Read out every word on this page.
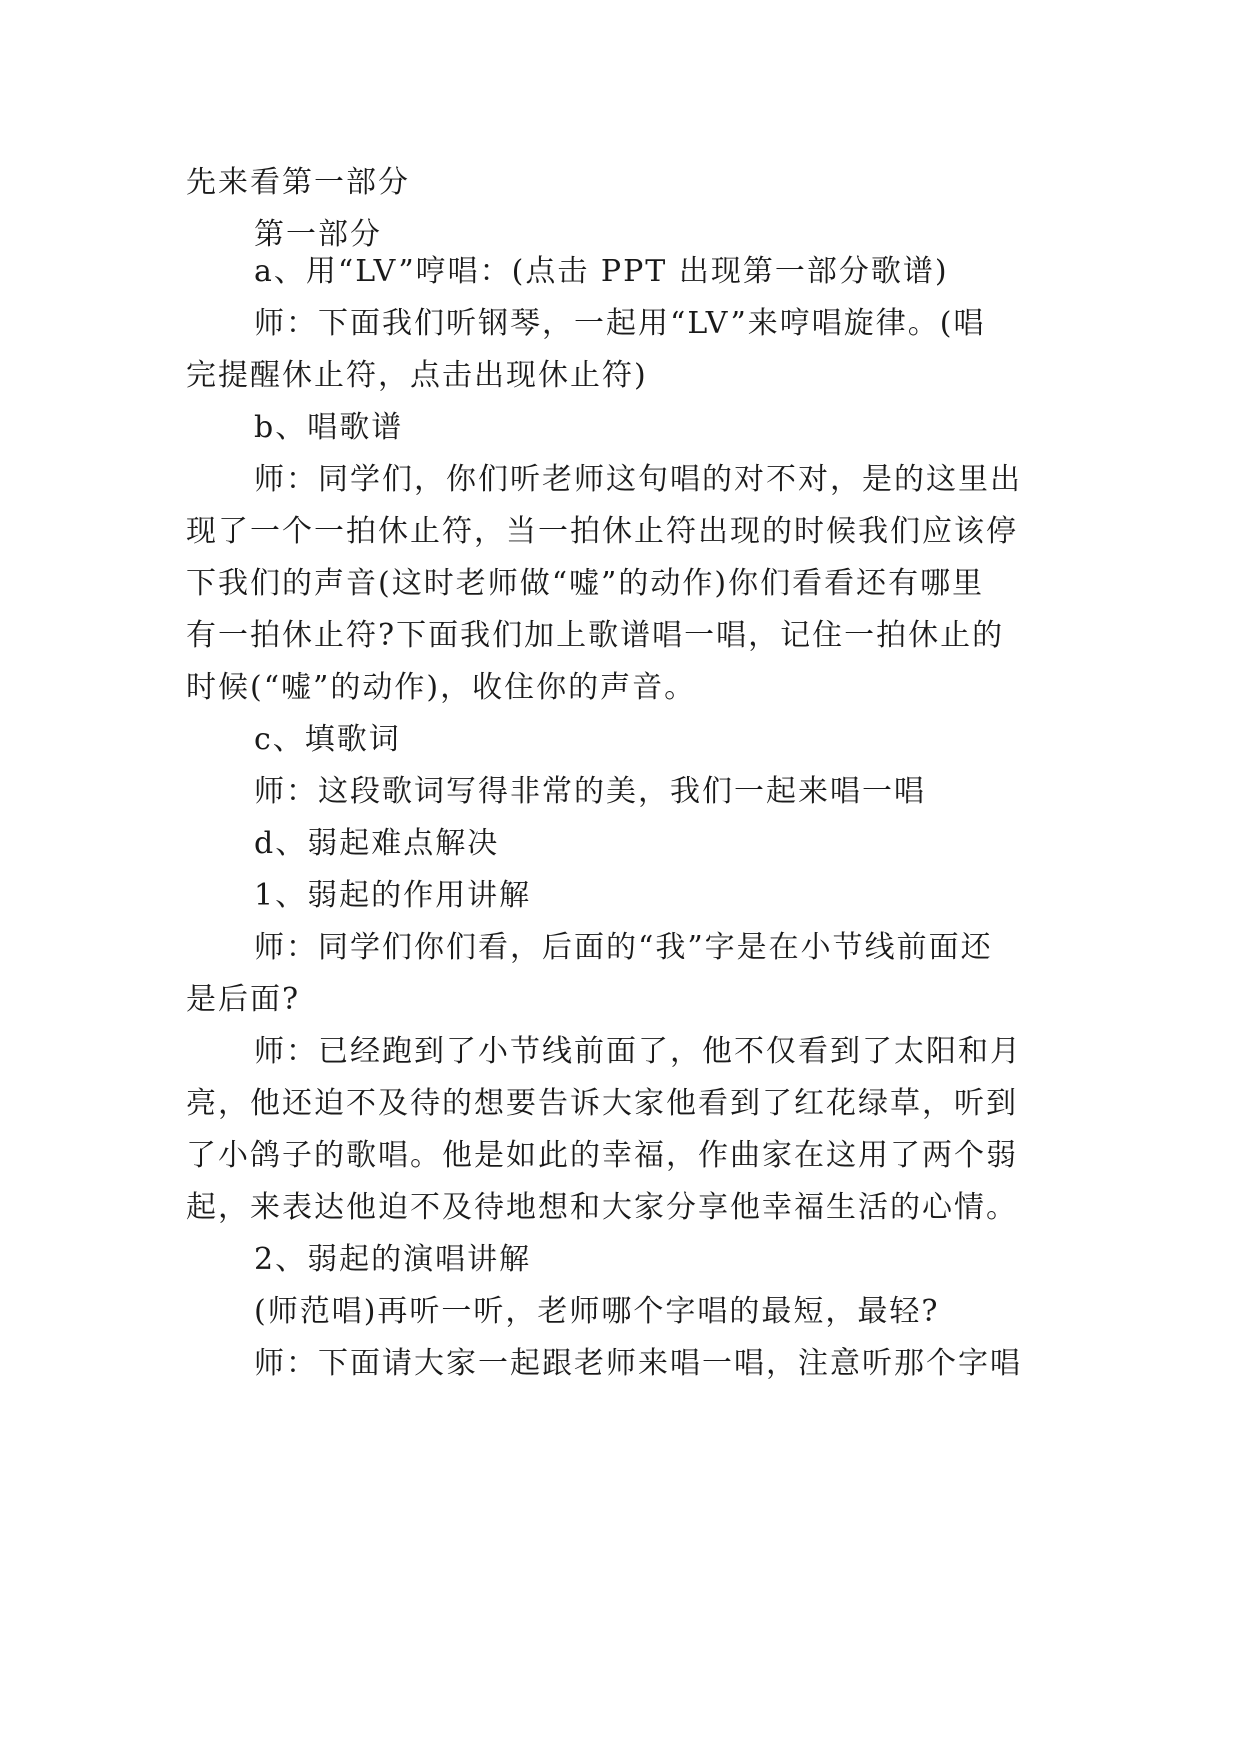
先来看第一部分

第一部分

a、用“LV”哼唱：(点击 PPT 出现第一部分歌谱)

师：下面我们听钢琴，一起用“LV”来哼唱旋律。(唱

完提醒休止符，点击出现休止符)

b、唱歌谱

师：同学们，你们听老师这句唱的对不对，是的这里出

现了一个一拍休止符，当一拍休止符出现的时候我们应该停

下我们的声音(这时老师做“嘘”的动作)你们看看还有哪里

有一拍休止符?下面我们加上歌谱唱一唱，记住一拍休止的

时候(“嘘”的动作)，收住你的声音。

c、填歌词

师：这段歌词写得非常的美，我们一起来唱一唱

d、弱起难点解决

1、弱起的作用讲解

师：同学们你们看，后面的“我”字是在小节线前面还

是后面?

师：已经跑到了小节线前面了，他不仅看到了太阳和月

亮，他还迫不及待的想要告诉大家他看到了红花绿草，听到

了小鸽子的歌唱。他是如此的幸福，作曲家在这用了两个弱

起，来表达他迫不及待地想和大家分享他幸福生活的心情。

2、弱起的演唱讲解

(师范唱)再听一听，老师哪个字唱的最短，最轻?

师：下面请大家一起跟老师来唱一唱，注意听那个字唱
